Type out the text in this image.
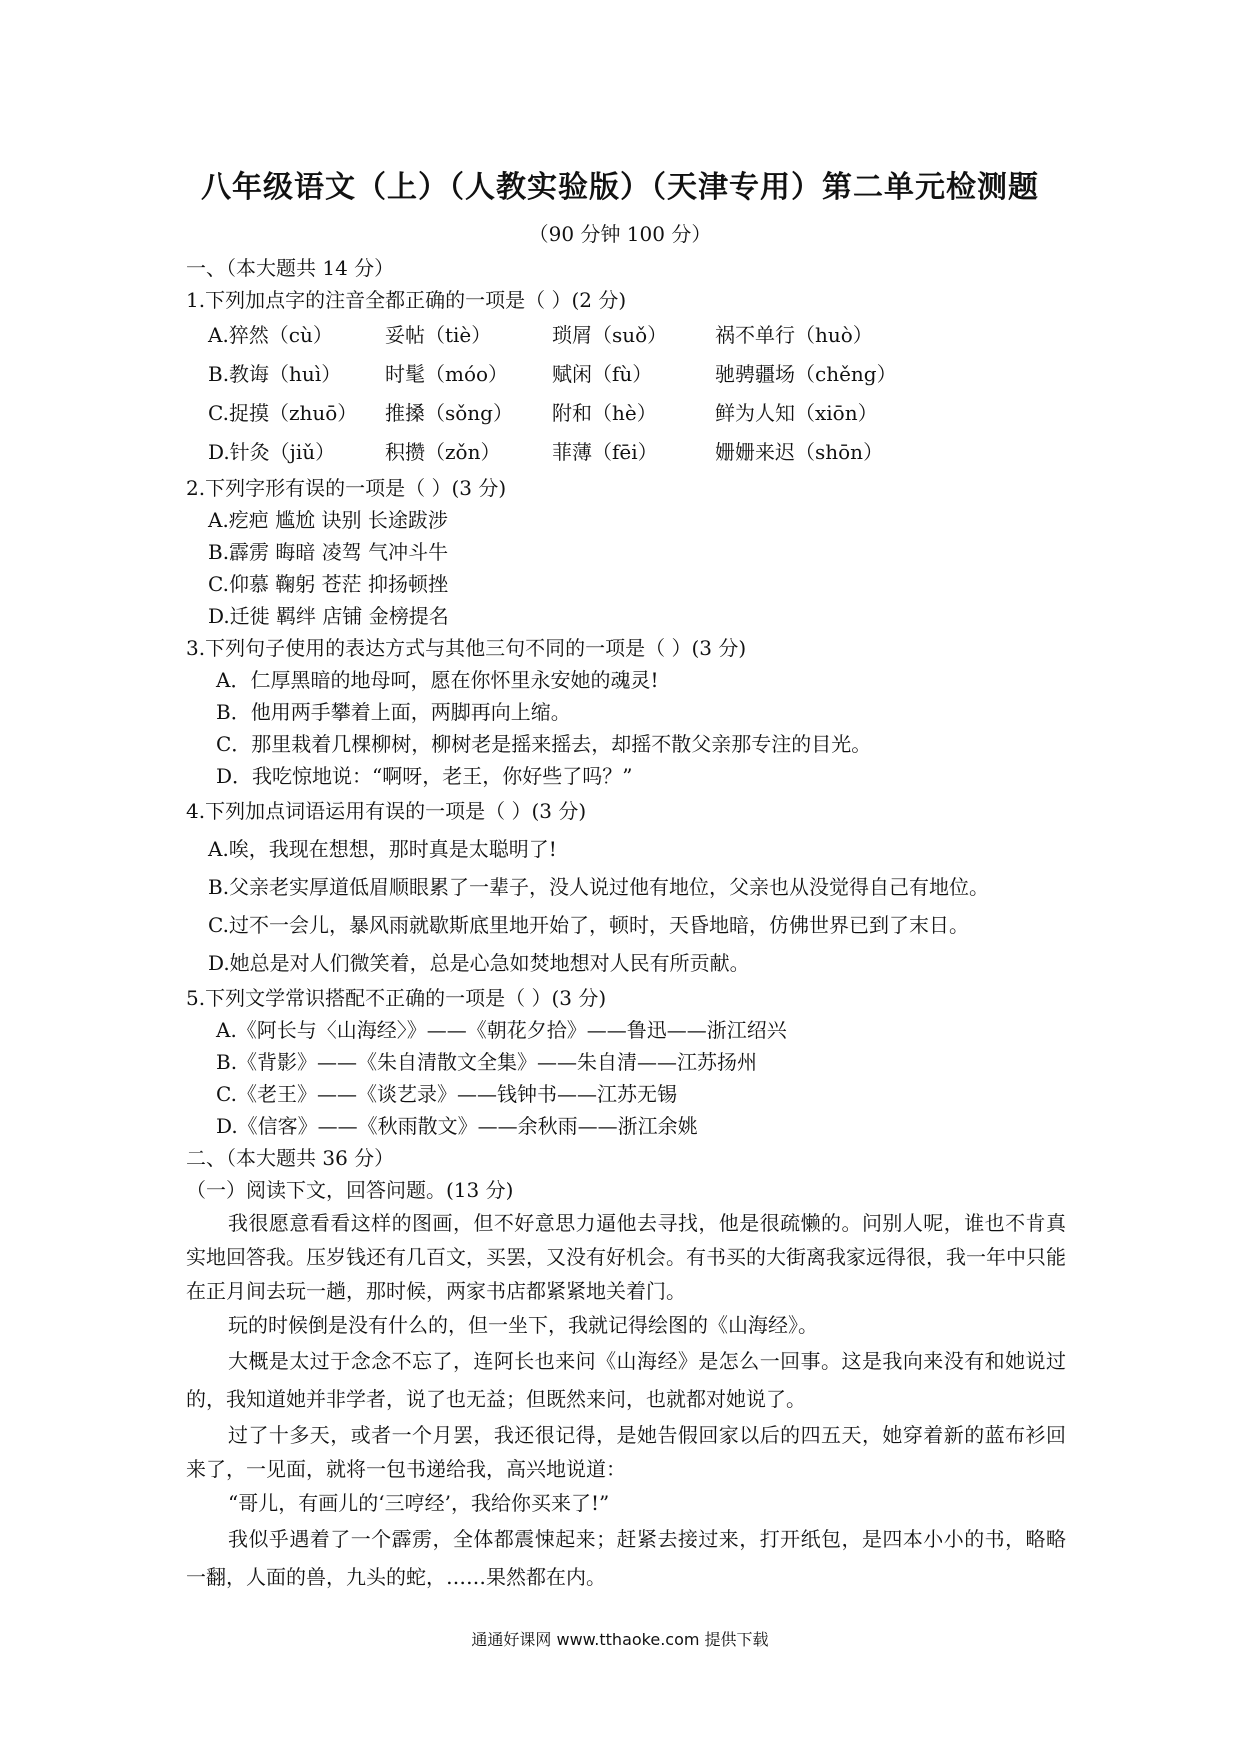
八年级语文（上）（人教实验版）（天津专用）第二单元检测题
（90 分钟 100 分）
一、（本大题共 14 分）
1.下列加点字的注音全都正确的一项是（ ）(2 分)
A.猝然（cù）	妥帖（tiè）	琐屑（suǒ）	祸不单行（huò）
B.教诲（huì）	时髦（móo）	赋闲（fù）	驰骋疆场（chěng）
C.捉摸（zhuō）	推搡（sǒng）	附和（hè）	鲜为人知（xiōn）
D.针灸（jiǔ）	积攒（zǒn）	菲薄（fēi）	姗姗来迟（shōn）
2.下列字形有误的一项是（ ）(3 分)
A.疙疤 尴尬 诀别 长途跋涉
B.霹雳 晦暗 凌驾 气冲斗牛
C.仰慕 鞠躬 苍茫 抑扬顿挫
D.迁徙 羁绊 店铺 金榜提名
3.下列句子使用的表达方式与其他三句不同的一项是（ ）(3 分)
A．仁厚黑暗的地母呵，愿在你怀里永安她的魂灵!
B．他用两手攀着上面，两脚再向上缩。
C．那里栽着几棵柳树，柳树老是摇来摇去，却摇不散父亲那专注的目光。
D．我吃惊地说：“啊呀，老王，你好些了吗？”
4.下列加点词语运用有误的一项是（ ）(3 分)
A.唉，我现在想想，那时真是太聪明了!
B.父亲老实厚道低眉顺眼累了一辈子，没人说过他有地位，父亲也从没觉得自己有地位。
C.过不一会儿，暴风雨就歇斯底里地开始了，顿时，天昏地暗，仿佛世界已到了末日。
D.她总是对人们微笑着，总是心急如焚地想对人民有所贡献。
5.下列文学常识搭配不正确的一项是（ ）(3 分)
A.《阿长与〈山海经〉》——《朝花夕拾》——鲁迅——浙江绍兴
B.《背影》——《朱自清散文全集》——朱自清——江苏扬州
C.《老王》——《谈艺录》——钱钟书——江苏无锡
D.《信客》——《秋雨散文》——余秋雨——浙江余姚
二、（本大题共 36 分）
（一）阅读下文，回答问题。(13 分)
我很愿意看看这样的图画，但不好意思力逼他去寻找，他是很疏懒的。问别人呢，谁也不肯真实地回答我。压岁钱还有几百文，买罢，又没有好机会。有书买的大街离我家远得很，我一年中只能在正月间去玩一趟，那时候，两家书店都紧紧地关着门。
玩的时候倒是没有什么的，但一坐下，我就记得绘图的《山海经》。
大概是太过于念念不忘了，连阿长也来问《山海经》是怎么一回事。这是我向来没有和她说过的，我知道她并非学者，说了也无益；但既然来问，也就都对她说了。
过了十多天，或者一个月罢，我还很记得，是她告假回家以后的四五天，她穿着新的蓝布衫回来了，一见面，就将一包书递给我，高兴地说道：
“哥儿，有画儿的‘三哼经’，我给你买来了!”
我似乎遇着了一个霹雳，全体都震悚起来；赶紧去接过来，打开纸包，是四本小小的书，略略一翻，人面的兽，九头的蛇，……果然都在内。
通通好课网 www.tthaoke.com 提供下载
